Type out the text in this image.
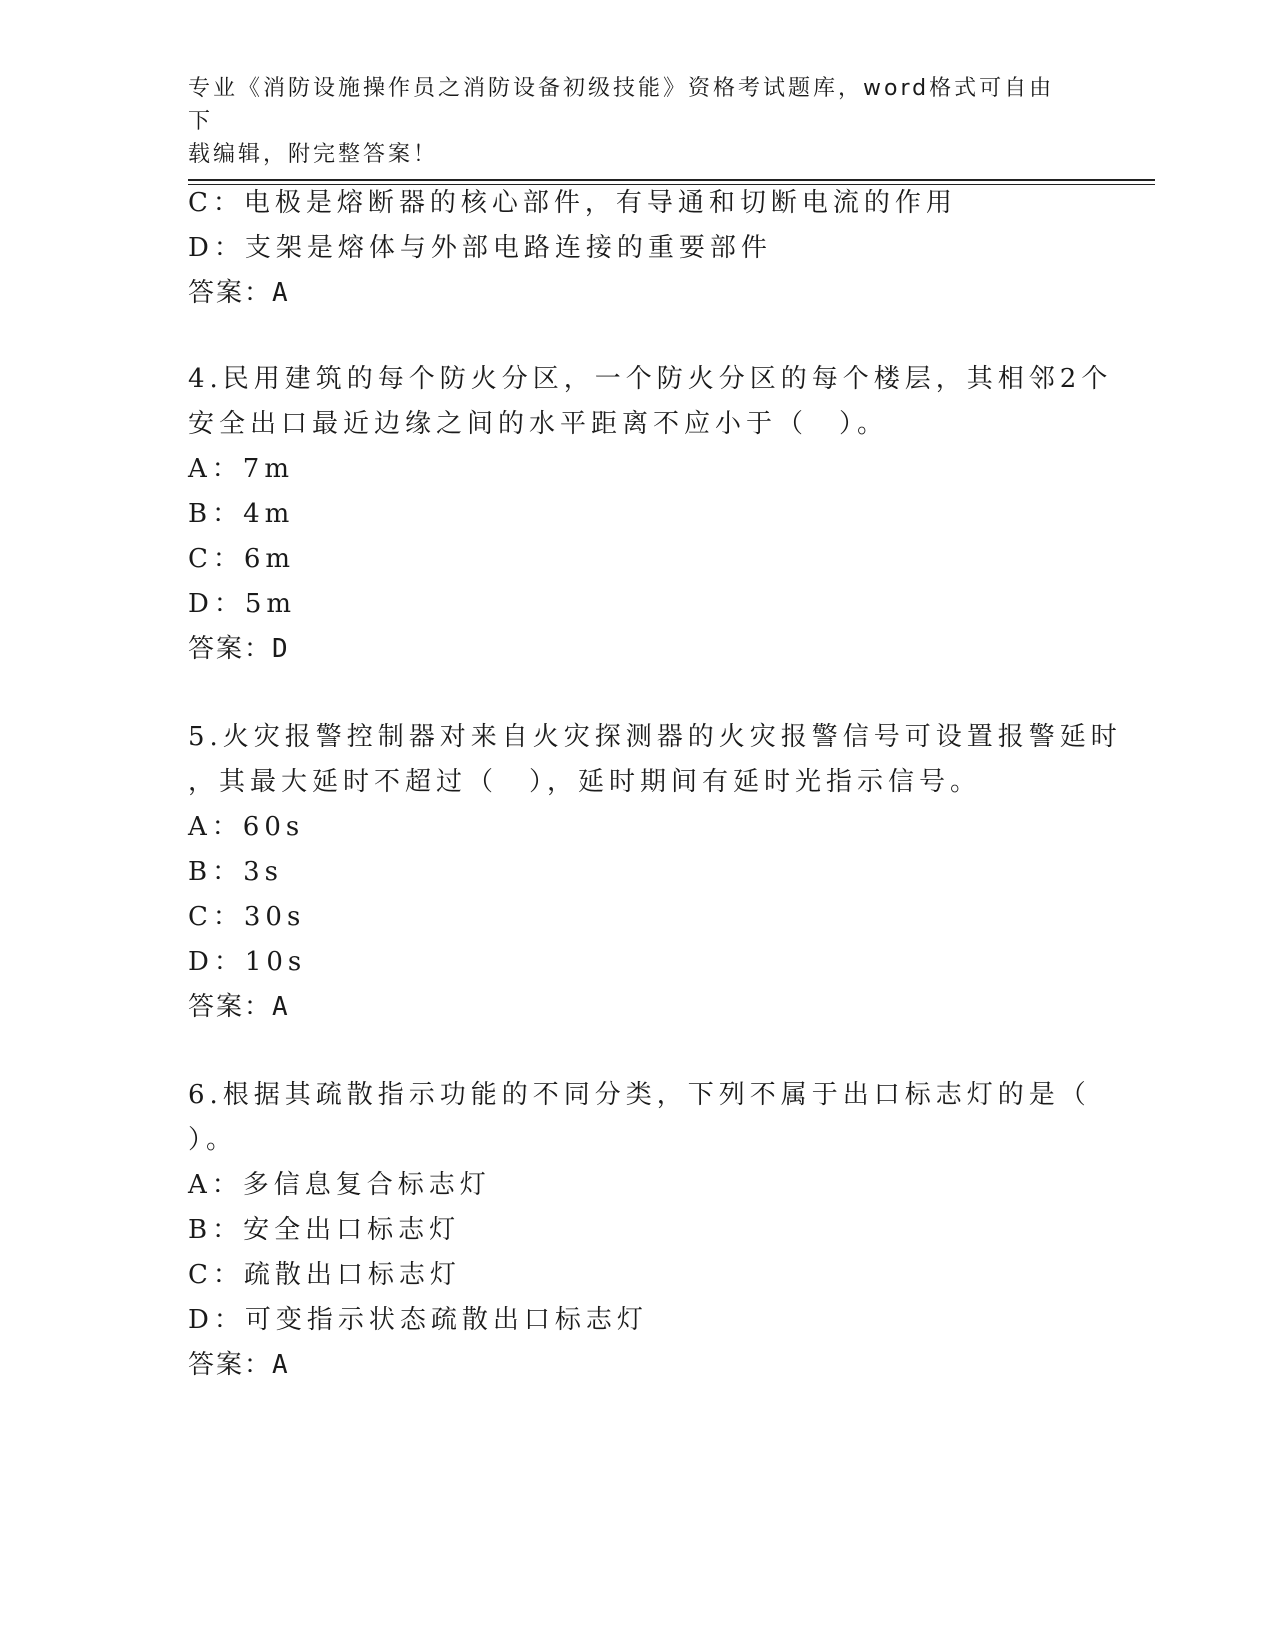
专业《消防设施操作员之消防设备初级技能》资格考试题库，word格式可自由下
载编辑，附完整答案！
C：电极是熔断器的核心部件，有导通和切断电流的作用
D：支架是熔体与外部电路连接的重要部件
答案：A
4.民用建筑的每个防火分区，一个防火分区的每个楼层，其相邻2个
安全出口最近边缘之间的水平距离不应小于（　）。
A：7m
B：4m
C：6m
D：5m
答案：D
5.火灾报警控制器对来自火灾探测器的火灾报警信号可设置报警延时
，其最大延时不超过（　），延时期间有延时光指示信号。
A：60s
B：3s
C：30s
D：10s
答案：A
6.根据其疏散指示功能的不同分类，下列不属于出口标志灯的是（
）。
A：多信息复合标志灯
B：安全出口标志灯
C：疏散出口标志灯
D：可变指示状态疏散出口标志灯
答案：A
